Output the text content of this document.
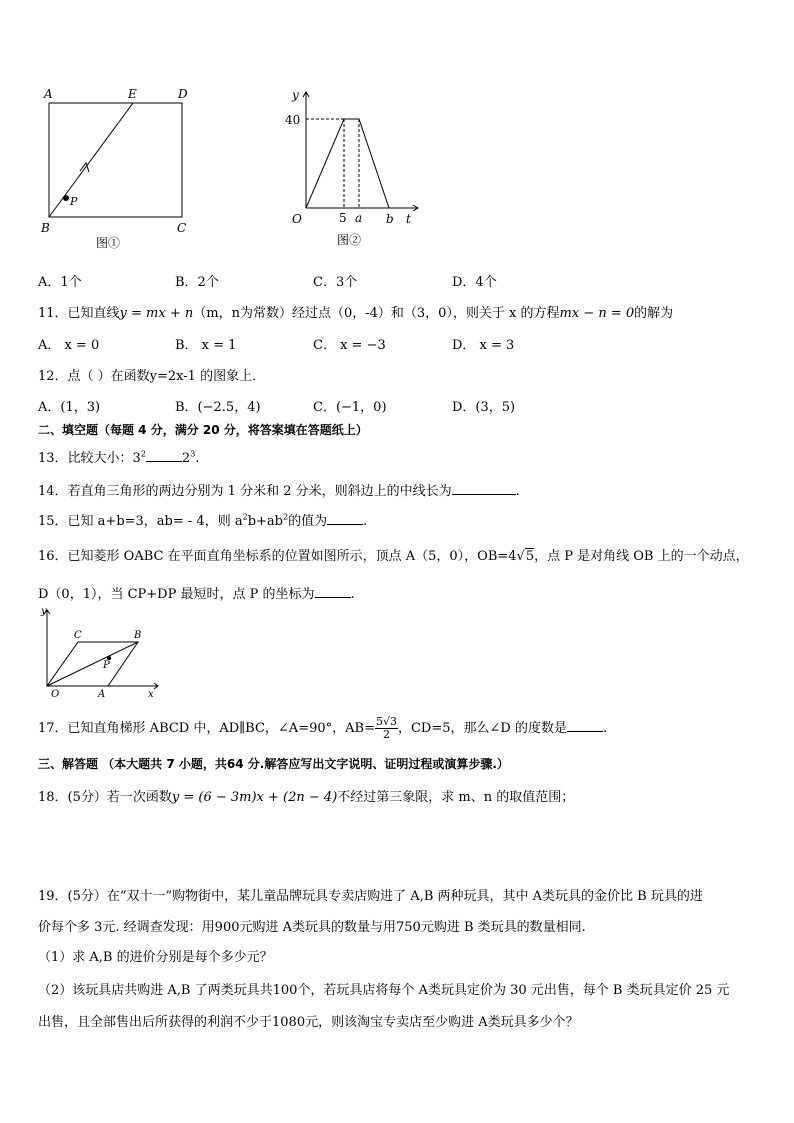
A	E	D
B	C
P
图①
y
40
O	5 a b t
图②
A．1个	B．2个	C．3个	D．4个
11．已知直线y = mx + n（m，n为常数）经过点（0，-4）和（3，0），则关于 x 的方程mx − n = 0的解为
A． x = 0	B． x = 1	C． x = −3	D． x = 3
12．点（ ）在函数y=2x-1 的图象上．
A．(1，3)	B．(−2.5，4)	C．(−1，0)	D．(3，5)
二、填空题（每题 4 分，满分 20 分，将答案填在答题纸上）
13．比较大小：$3^2$	$2^3$.
14．若直角三角形的两边分别为 1 分米和 2 分米，则斜边上的中线长为	.
15．已知 a+b=3，ab= - 4，则 $a^2b+ab^2$的值为	.
16．已知菱形 OABC 在平面直角坐标系的位置如图所示，顶点 A（5，0），OB=4√5，点 P 是对角线 OB 上的一个动点，
D（0，1），当 CP+DP 最短时，点 P 的坐标为	.
y
x
O	A
B
C
P
17．已知直角梯形 ABCD 中，AD∥BC，∠A=90°，$AB= \frac{5√3}{2}$ ，CD=5，那么∠D 的度数是	.
三、解答题 （本大题共 7 小题，共64 分.解答应写出文字说明、证明过程或演算步骤.）
18．(5分）若一次函数y = (6 − 3m)x + (2n − 4)不经过第三象限，求 m、n 的取值范围；
19．(5分）在“双十一”购物街中，某儿童品牌玩具专卖店购进了 A,B 两种玩具，其中 A类玩具的金价比 B 玩具的进
价每个多 3元. 经调查发现：用900元购进 A类玩具的数量与用750元购进 B 类玩具的数量相同.
（1）求 A,B 的进价分别是每个多少元？
（2）该玩具店共购进 A,B 了两类玩具共100个，若玩具店将每个 A类玩具定价为 30 元出售，每个 B 类玩具定价 25 元
出售，且全部售出后所获得的利润不少于1080元，则该淘宝专卖店至少购进 A类玩具多少个？
